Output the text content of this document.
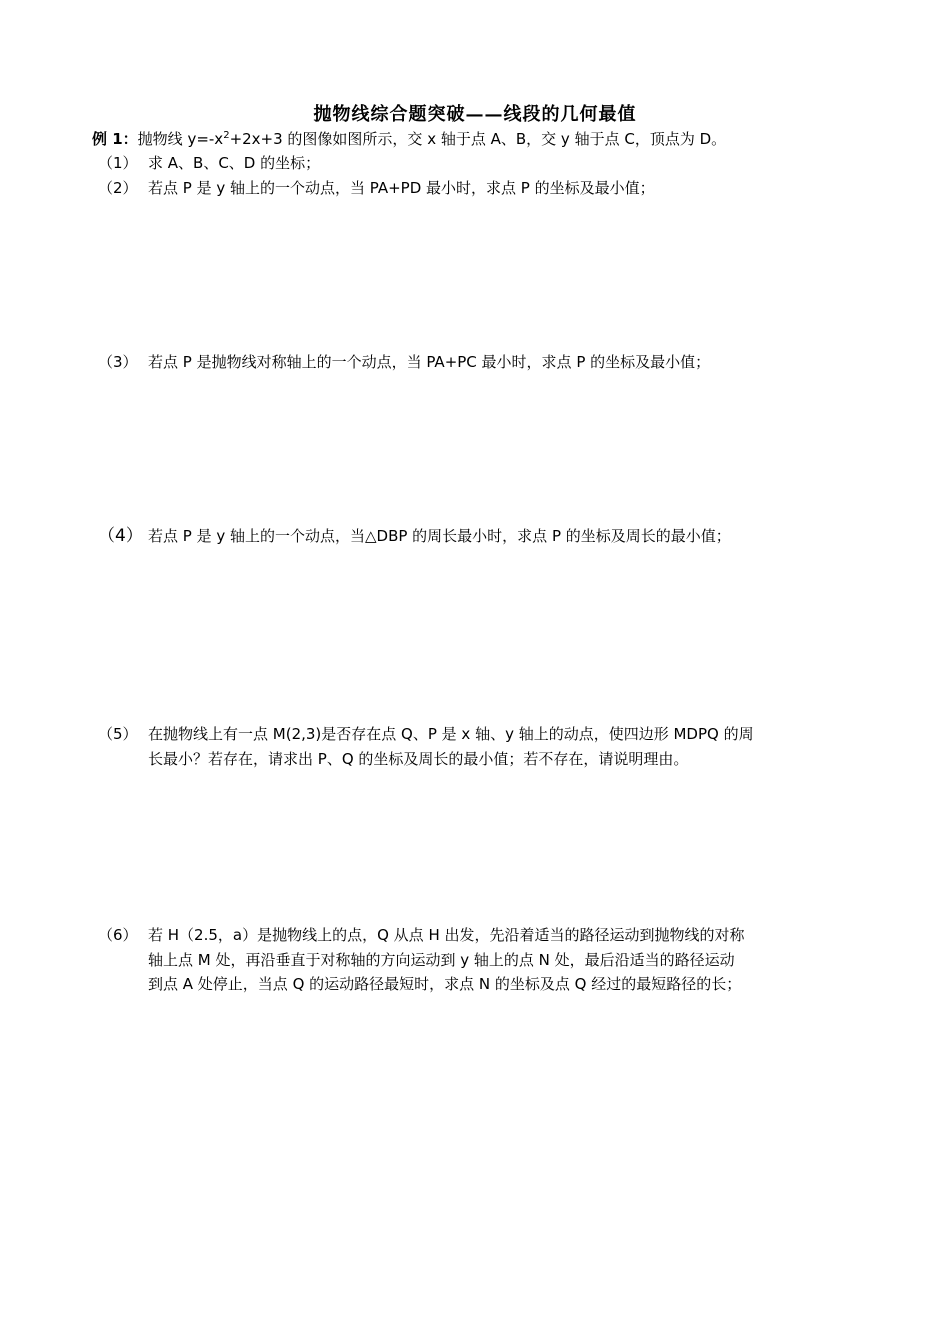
抛物线综合题突破——线段的几何最值
例 1：抛物线 $y=-x^2+2x+3$ 的图像如图所示，交 x 轴于点 A、B，交 y 轴于点 C，顶点为 D。
（1） 求 A、B、C、D 的坐标；
（2） 若点 P 是 y 轴上的一个动点，当 PA+PD 最小时，求点 P 的坐标及最小值；
（3） 若点 P 是抛物线对称轴上的一个动点，当 PA+PC 最小时，求点 P 的坐标及最小值；
（4） 若点 P 是 y 轴上的一个动点，当△DBP 的周长最小时，求点 P 的坐标及周长的最小值；
（5） 在抛物线上有一点 M(2,3)是否存在点 Q、P 是 x 轴、y 轴上的动点，使四边形 MDPQ 的周
长最小？若存在，请求出 P、Q 的坐标及周长的最小值；若不存在，请说明理由。
（6） 若 H（2.5，a）是抛物线上的点，Q 从点 H 出发，先沿着适当的路径运动到抛物线的对称
轴上点 M 处，再沿垂直于对称轴的方向运动到 y 轴上的点 N 处，最后沿适当的路径运动
到点 A 处停止，当点 Q 的运动路径最短时，求点 N 的坐标及点 Q 经过的最短路径的长；
